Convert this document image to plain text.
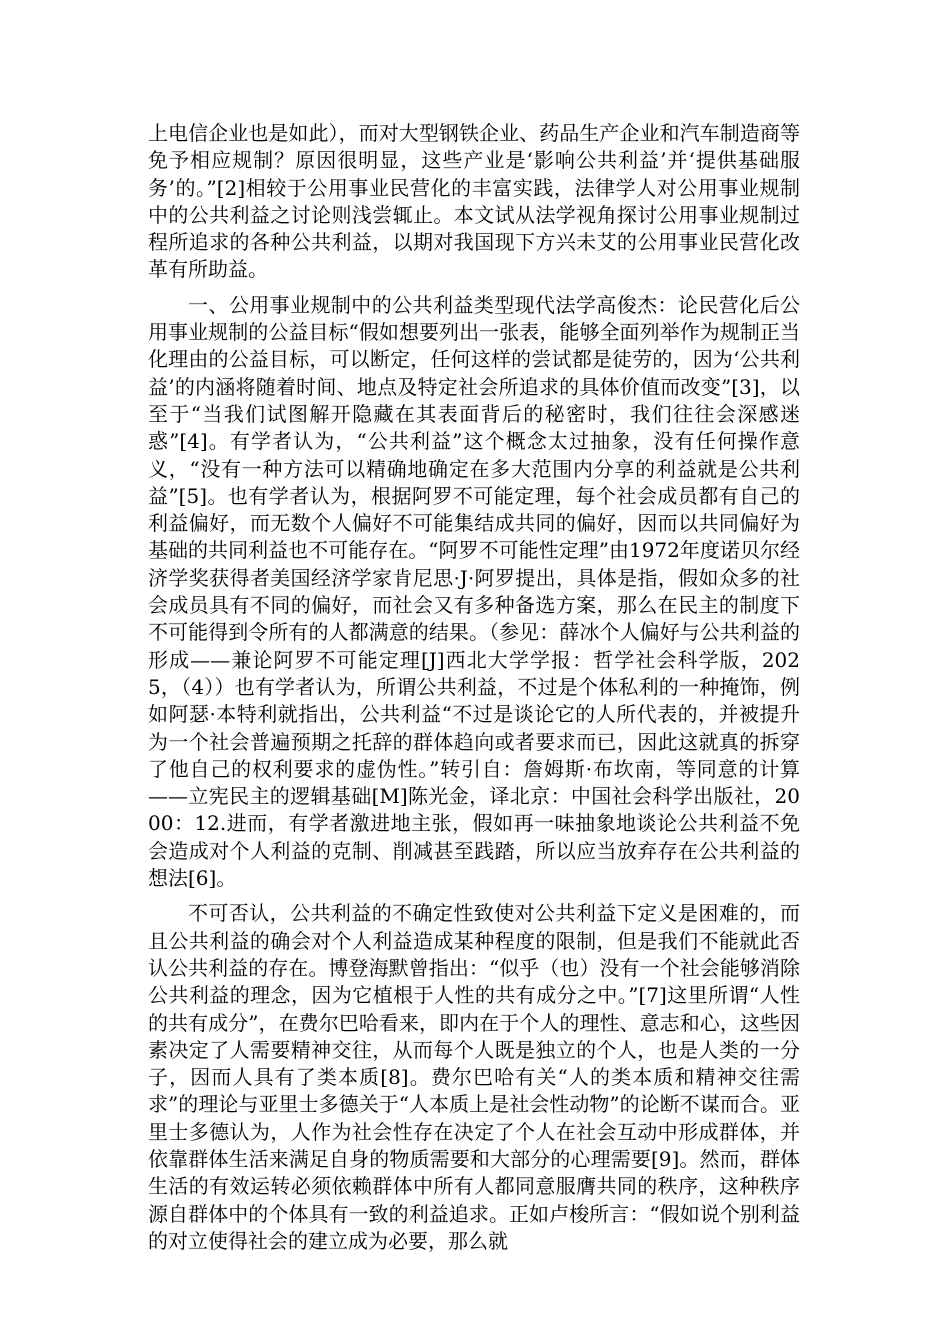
上电信企业也是如此），而对大型钢铁企业、药品生产企业和汽车制造商等免予相应规制？原因很明显，这些产业是‘影响公共利益’并‘提供基础服务’的。”[2]相较于公用事业民营化的丰富实践，法律学人对公用事业规制中的公共利益之讨论则浅尝辄止。本文试从法学视角探讨公用事业规制过程所追求的各种公共利益，以期对我国现下方兴未艾的公用事业民营化改革有所助益。

一、公用事业规制中的公共利益类型现代法学高俊杰：论民营化后公用事业规制的公益目标“假如想要列出一张表，能够全面列举作为规制正当化理由的公益目标，可以断定，任何这样的尝试都是徒劳的，因为‘公共利益’的内涵将随着时间、地点及特定社会所追求的具体价值而改变”[3]，以至于“当我们试图解开隐藏在其表面背后的秘密时，我们往往会深感迷惑”[4]。有学者认为，“公共利益”这个概念太过抽象，没有任何操作意义，“没有一种方法可以精确地确定在多大范围内分享的利益就是公共利益”[5]。也有学者认为，根据阿罗不可能定理，每个社会成员都有自己的利益偏好，而无数个人偏好不可能集结成共同的偏好，因而以共同偏好为基础的共同利益也不可能存在。“阿罗不可能性定理”由1972年度诺贝尔经济学奖获得者美国经济学家肯尼思·J·阿罗提出，具体是指，假如众多的社会成员具有不同的偏好，而社会又有多种备选方案，那么在民主的制度下不可能得到令所有的人都满意的结果。（参见：薛冰个人偏好与公共利益的形成——兼论阿罗不可能定理[J]西北大学学报：哲学社会科学版，2025，（4））也有学者认为，所谓公共利益，不过是个体私利的一种掩饰，例如阿瑟·本特利就指出，公共利益“不过是谈论它的人所代表的，并被提升为一个社会普遍预期之托辞的群体趋向或者要求而已，因此这就真的拆穿了他自己的权利要求的虚伪性。”转引自：詹姆斯·布坎南，等同意的计算——立宪民主的逻辑基础[M]陈光金，译北京：中国社会科学出版社，2000：12.进而，有学者激进地主张，假如再一味抽象地谈论公共利益不免会造成对个人利益的克制、削减甚至践踏，所以应当放弃存在公共利益的想法[6]。

不可否认，公共利益的不确定性致使对公共利益下定义是困难的，而且公共利益的确会对个人利益造成某种程度的限制，但是我们不能就此否认公共利益的存在。博登海默曾指出：“似乎（也）没有一个社会能够消除公共利益的理念，因为它植根于人性的共有成分之中。”[7]这里所谓“人性的共有成分”，在费尔巴哈看来，即内在于个人的理性、意志和心，这些因素决定了人需要精神交往，从而每个人既是独立的个人，也是人类的一分子，因而人具有了类本质[8]。费尔巴哈有关“人的类本质和精神交往需求”的理论与亚里士多德关于“人本质上是社会性动物”的论断不谋而合。亚里士多德认为，人作为社会性存在决定了个人在社会互动中形成群体，并依靠群体生活来满足自身的物质需要和大部分的心理需要[9]。然而，群体生活的有效运转必须依赖群体中所有人都同意服膺共同的秩序，这种秩序源自群体中的个体具有一致的利益追求。正如卢梭所言：“假如说个别利益的对立使得社会的建立成为必要，那么就
